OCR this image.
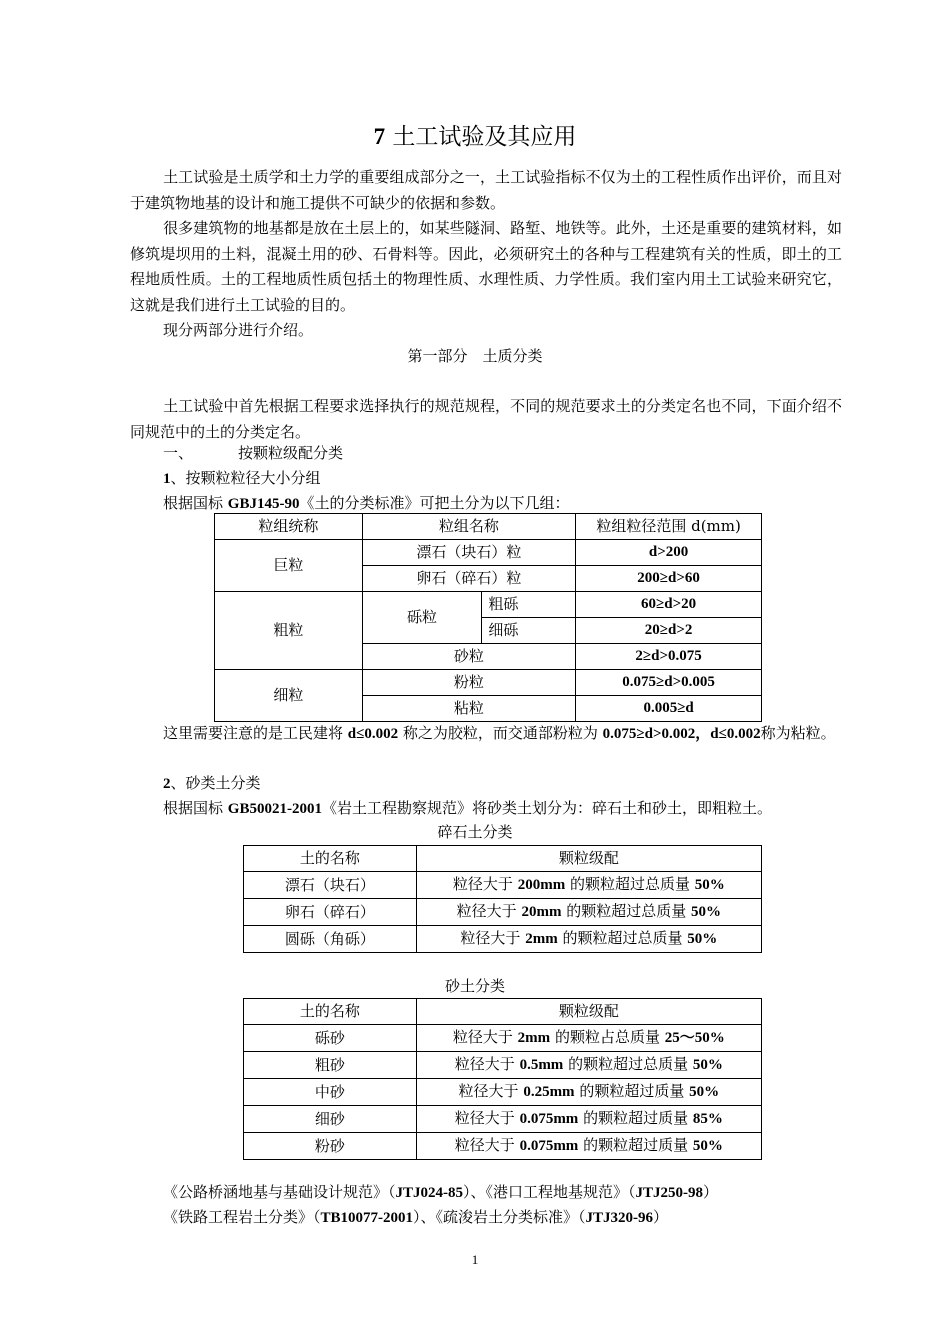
7 土工试验及其应用
土工试验是土质学和土力学的重要组成部分之一，土工试验指标不仅为土的工程性质作出评价，而且对于建筑物地基的设计和施工提供不可缺少的依据和参数。
很多建筑物的地基都是放在土层上的，如某些隧洞、路堑、地铁等。此外，土还是重要的建筑材料，如修筑堤坝用的土料，混凝土用的砂、石骨料等。因此，必须研究土的各种与工程建筑有关的性质，即土的工程地质性质。土的工程地质性质包括土的物理性质、水理性质、力学性质。我们室内用土工试验来研究它，这就是我们进行土工试验的目的。
现分两部分进行介绍。
第一部分　土质分类
土工试验中首先根据工程要求选择执行的规范规程，不同的规范要求土的分类定名也不同，下面介绍不同规范中的土的分类定名。
一、	按颗粒级配分类
1、按颗粒粒径大小分组
根据国标 GBJ145-90《土的分类标准》可把土分为以下几组：
粒组统称	粒组名称		粒组粒径范围 d(mm)
巨粒	漂石（块石）粒		d>200
	卵石（碎石）粒		200≥d>60
粗粒	砾粒	粗砾	60≥d>20
		细砾	20≥d>2
	砂粒		2≥d>0.075
细粒	粉粒		0.075≥d>0.005
	粘粒		0.005≥d
这里需要注意的是工民建将 d≤0.002 称之为胶粒，而交通部粉粒为 0.075≥d>0.002，d≤0.002称为粘粒。
2、砂类土分类
根据国标 GB50021-2001《岩土工程勘察规范》将砂类土划分为：碎石土和砂土，即粗粒土。
碎石土分类
土的名称	颗粒级配
漂石（块石）	粒径大于 200mm 的颗粒超过总质量 50%
卵石（碎石）	粒径大于 20mm 的颗粒超过总质量 50%
圆砾（角砾）	粒径大于 2mm 的颗粒超过总质量 50%
砂土分类
土的名称	颗粒级配
砾砂	粒径大于 2mm 的颗粒占总质量 25～50%
粗砂	粒径大于 0.5mm 的颗粒超过总质量 50%
中砂	粒径大于 0.25mm 的颗粒超过质量 50%
细砂	粒径大于 0.075mm 的颗粒超过质量 85%
粉砂	粒径大于 0.075mm 的颗粒超过质量 50%
《公路桥涵地基与基础设计规范》（JTJ024-85）、《港口工程地基规范》（JTJ250-98）
《铁路工程岩土分类》（TB10077-2001）、《疏浚岩土分类标准》（JTJ320-96）
1
